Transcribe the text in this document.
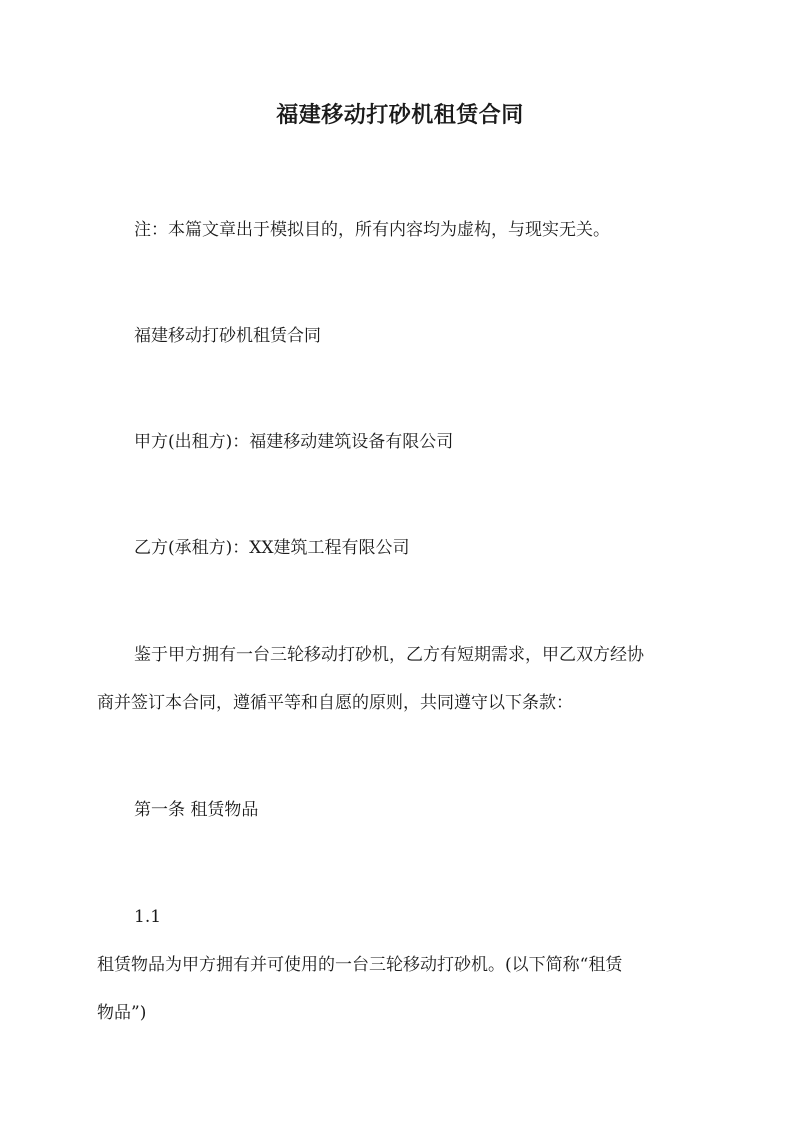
福建移动打砂机租赁合同
注：本篇文章出于模拟目的，所有内容均为虚构，与现实无关。
福建移动打砂机租赁合同
甲方(出租方)：福建移动建筑设备有限公司
乙方(承租方)：XX建筑工程有限公司
鉴于甲方拥有一台三轮移动打砂机，乙方有短期需求，甲乙双方经协
商并签订本合同，遵循平等和自愿的原则，共同遵守以下条款：
第一条 租赁物品
1.1
租赁物品为甲方拥有并可使用的一台三轮移动打砂机。(以下简称“租赁
物品”)
